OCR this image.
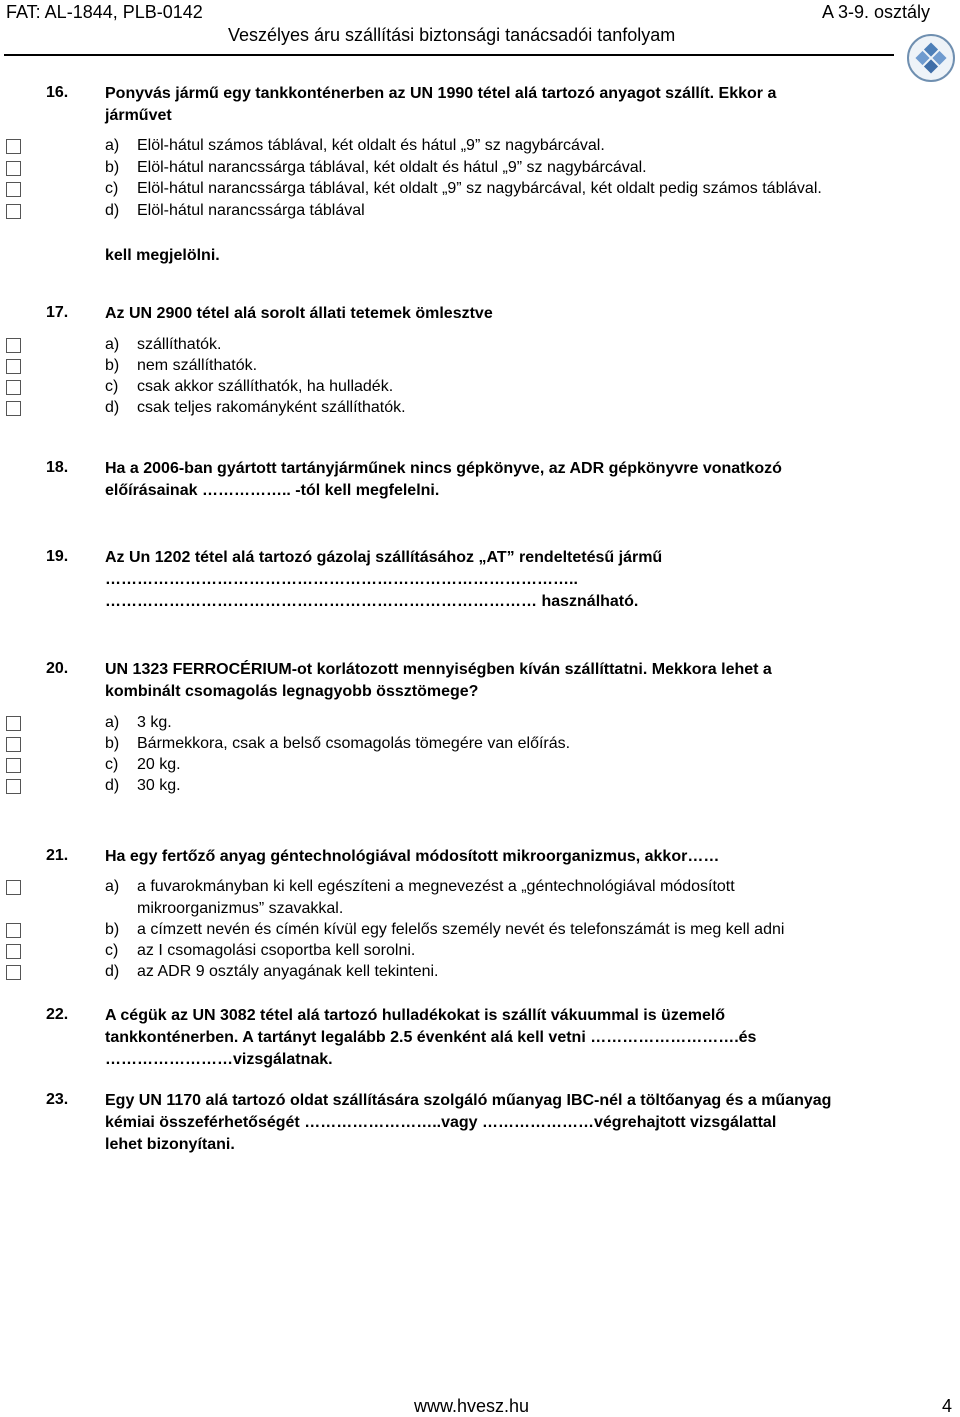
FAT: AL-1844, PLB-0142	A 3-9. osztály
Veszélyes áru szállítási biztonsági tanácsadói tanfolyam
16. Ponyvás jármű egy tankkonténerben az UN 1990 tétel alá tartozó anyagot szállít. Ekkor a
járművet
a) Elöl-hátul számos táblával, két oldalt és hátul „9” sz nagybárcával.
b) Elöl-hátul narancssárga táblával, két oldalt és hátul „9” sz nagybárcával.
c) Elöl-hátul narancssárga táblával, két oldalt „9” sz nagybárcával, két oldalt pedig számos táblával.
d) Elöl-hátul narancssárga táblával
kell megjelölni.
17. Az UN 2900 tétel alá sorolt állati tetemek ömlesztve
a) szállíthatók.
b) nem szállíthatók.
c) csak akkor szállíthatók, ha hulladék.
d) csak teljes rakományként szállíthatók.
18. Ha a 2006-ban gyártott tartányjárműnek nincs gépkönyve, az ADR gépkönyvre vonatkozó
előírásainak …………….. -tól kell megfelelni.
19. Az Un 1202 tétel alá tartozó gázolaj szállításához „AT” rendeltetésű jármű
……………………………………………………………………………..
……………………………………………………………………… használható.
20. UN 1323 FERROCÉRIUM-ot korlátozott mennyiségben kíván szállíttatni. Mekkora lehet a
kombinált csomagolás legnagyobb össztömege?
a) 3 kg.
b) Bármekkora, csak a belső csomagolás tömegére van előírás.
c) 20 kg.
d) 30 kg.
21. Ha egy fertőző anyag géntechnológiával módosított mikroorganizmus, akkor……
a) a fuvarokmányban ki kell egészíteni a megnevezést a „géntechnológiával módosított
mikroorganizmus” szavakkal.
b) a címzett nevén és címén kívül egy felelős személy nevét és telefonszámát is meg kell adni
c) az I csomagolási csoportba kell sorolni.
d) az ADR 9 osztály anyagának kell tekinteni.
22. A cégük az UN 3082 tétel alá tartozó hulladékokat is szállít vákuummal is üzemelő
tankkonténerben. A tartányt legalább 2.5 évenként alá kell vetni ……………………….és
……………………vizsgálatnak.
23. Egy UN 1170 alá tartozó oldat szállítására szolgáló műanyag IBC-nél a töltőanyag és a műanyag
kémiai összeférhetőségét ……………………..vagy …………………végrehajtott vizsgálattal
lehet bizonyítani.
www.hvesz.hu	4
